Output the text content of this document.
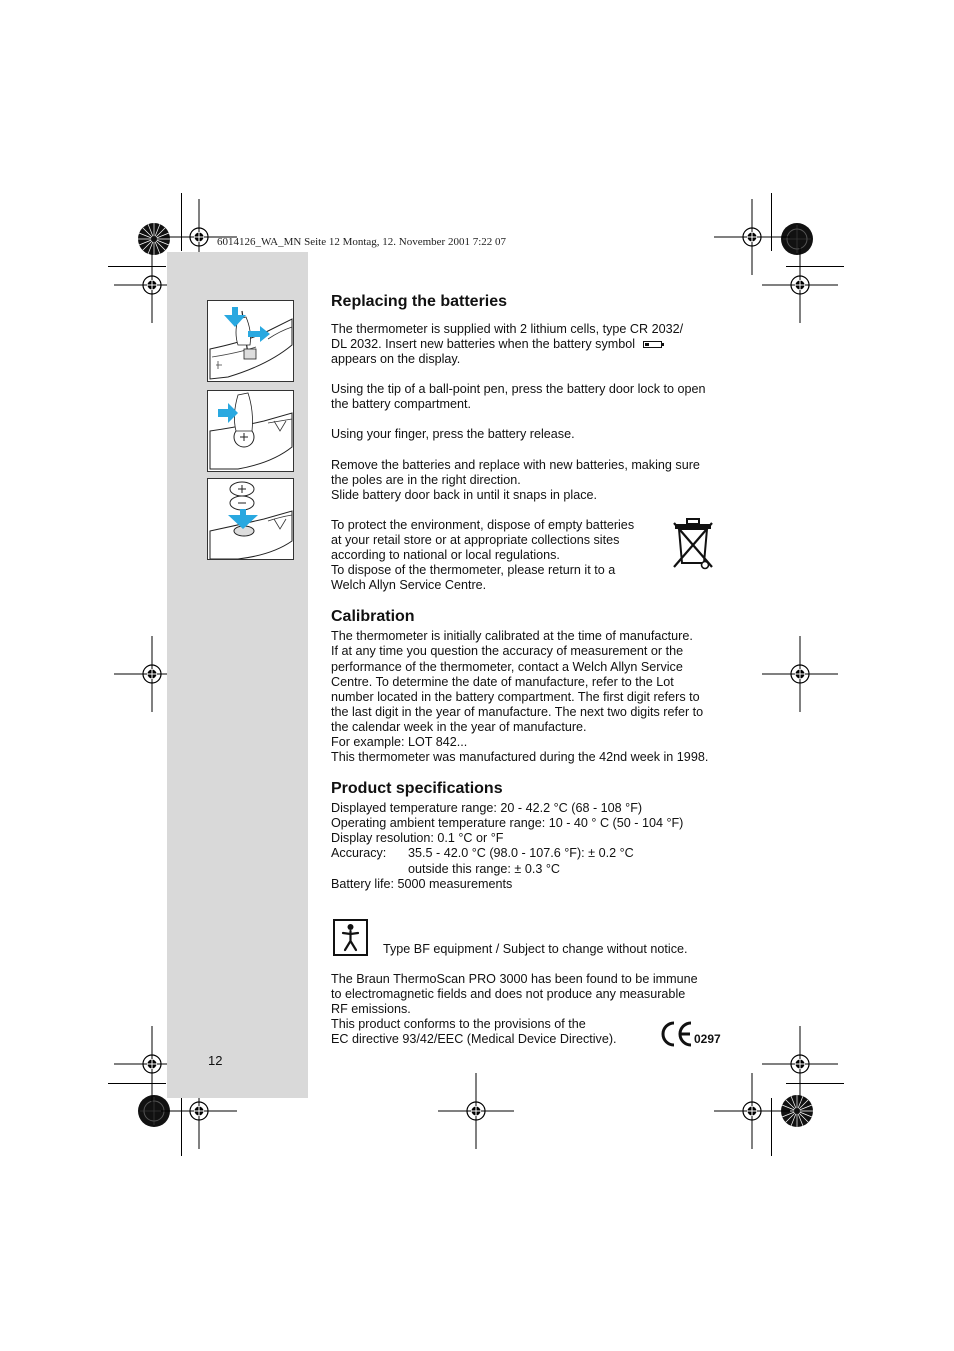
6014126_WA_MN Seite 12 Montag, 12. November 2001 7:22 07
12
Replacing the batteries

The thermometer is supplied with 2 lithium cells, type CR 2032/

DL 2032. Insert new batteries when the battery symbol

appears on the display.

Using the tip of a ball-point pen, press the battery door lock to open

the battery compartment.

Using your finger, press the battery release.

Remove the batteries and replace with new batteries, making sure

the poles are in the right direction.

Slide battery door back in until it snaps in place.

To protect the environment, dispose of empty batteries

at your retail store or at appropriate collections sites

according to national or local regulations.

To dispose of the thermometer, please return it to a

Welch Allyn Service Centre.

Calibration

The thermometer is initially calibrated at the time of manufacture.

If at any time you question the accuracy of measurement or the

performance of the thermometer, contact a Welch Allyn Service

Centre. To determine the date of manufacture, refer to the Lot

number located in the battery compartment. The first digit refers to

the last digit in the year of manufacture. The next two digits refer to

the calendar week in the year of manufacture.

For example: LOT 842...

This thermometer was manufactured during the 42nd week in 1998.

Product specifications

Displayed temperature range: 20 - 42.2 °C (68 - 108 °F)

Operating ambient temperature range: 10 - 40 ° C (50 - 104 °F)

Display resolution: 0.1 °C or °F

Accuracy: 35.5 - 42.0 °C (98.0 - 107.6 °F): ± 0.2 °C

outside this range: ± 0.3 °C

Battery life: 5000 measurements

Type BF equipment / Subject to change without notice.

The Braun ThermoScan PRO 3000 has been found to be immune

to electromagnetic fields and does not produce any measurable

RF emissions.

This product conforms to the provisions of the

EC directive 93/42/EEC (Medical Device Directive).	0297
